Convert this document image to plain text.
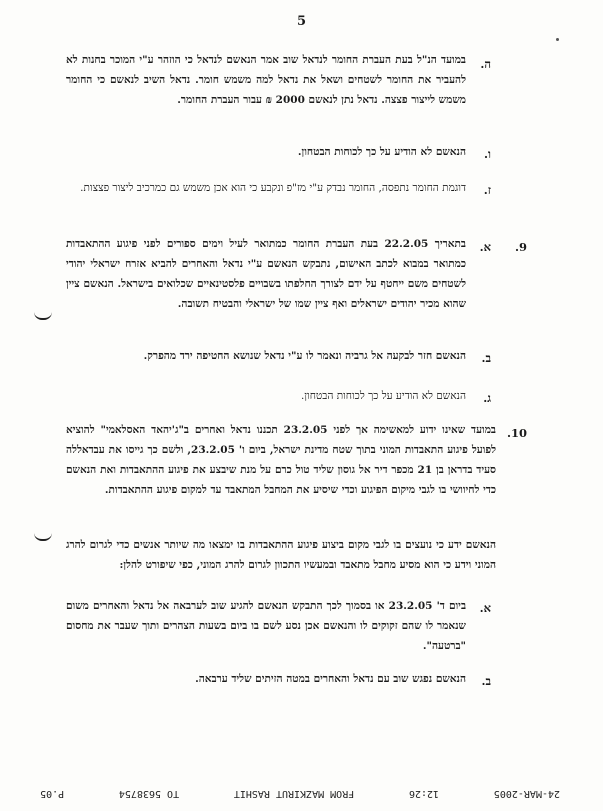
5
ה.
במועד הנ"ל בעת העברת החומר לנדאל שוב אמר הנאשם לנדאל כי הוזהר ע"י המוכר בחנות לא להעביר את החומר לשטחים ושאל את נדאל למה משמש חומר. נדאל השיב לנאשם כי החומר משמש לייצור פצצה. נדאל נתן לנאשם 2000 ₪ עבור העברת החומר.
ו.
הנאשם לא הודיע על כך לכוחות הבטחון.
ז.
דוגמת החומר נתפסה, החומר נבדק ע"י מז"פ ונקבע כי הוא אכן משמש גם כמרכיב ליצור פצצות.
9.
א.
בתאריך 22.2.05 בעת העברת החומר כמתואר לעיל וימים ספורים לפני פיגוע ההתאבדות כמתואר במבוא לכתב האישום, נתבקש הנאשם ע"י נדאל והאחרים להביא אזרח ישראלי יהודי לשטחים משם ייחטף על ידם לצורך החלפתו בשבויים פלסטינאיים שכלואים בישראל. הנאשם ציין שהוא מכיר יהודים ישראלים ואף ציין שמו של ישראלי והבטיח תשובה.
ב.
הנאשם חזר לבקעה אל גרביה ונאמר לו ע"י נדאל שנושא החטיפה ירד מהפרק.
ג.
הנאשם לא הודיע על כך לכוחות הבטחון.
10.
במועד שאינו ידוע למאשימה אך לפני 23.2.05 תכננו נדאל ואחרים ב"ג'יהאד האסלאמי" להוציא לפועל פיגוע התאבדות המוני בתוך שטח מדינת ישראל, ביום ו' 23.2.05, ולשם כך גייסו את עבדאללה סעיד בדראן בן 21 מכפר דיר אל גוסון שליד טול כרם על מנת שיבצע את פיגוע ההתאבדות ואת הנאשם כדי לחיוושי בו לגבי מיקום הפיגוע וכדי שיסיע את המחבל המתאבד עד למקום פיגוע ההתאבדות.
הנאשם ידע כי נועצים בו לגבי מקום ביצוע פיגוע ההתאבדות בו ימצאו מה שיותר אנשים כדי לגרום להרג המוני וידע כי הוא מסיע מחבל מתאבד ובמעשיו התכוון לגרום להרג המוני, כפי שיפורט להלן:
א.
ביום ד' 23.2.05 או בסמוך לכך התבקש הנאשם להגיע שוב לערבאה אל נדאל והאחרים משום שנאמר לו שהם זקוקים לו והנאשם אכן נסע לשם בו ביום בשעות הצהרים ותוך שעבר את מחסום "ברטעה".
ב.
הנאשם נפגש שוב עם נדאל והאחרים במטה הזיתים שליד ערבאה.
24-MAR-2005
12:26
FROM MAZKIRUT RASHIT
TO 5638754
P.05
